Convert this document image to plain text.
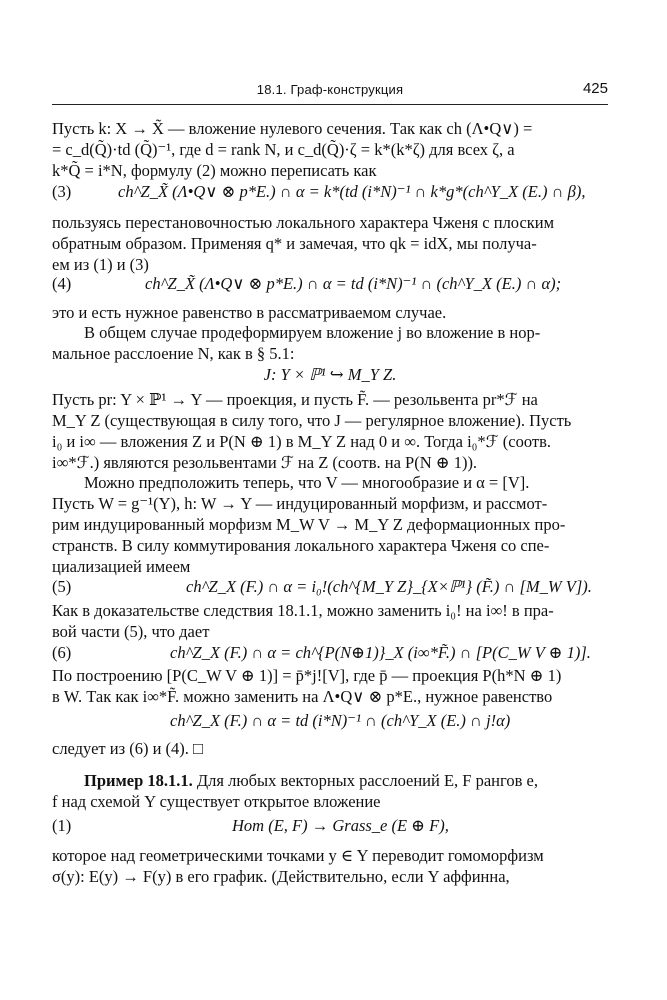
18.1. Граф-конструкция	425
Пусть k: X → X̃ — вложение нулевого сечения. Так как ch (Λ•Q∨) =
= c_d(Q̃)·td (Q̃)⁻¹, где d = rank N, и c_d(Q̃)·ζ = k*(k*ζ) для всех ζ, а
k*Q̃ = i*N, формулу (2) можно переписать как
(3)	ch^Z_X̃ (Λ•Q∨ ⊗ p*E.) ∩ α = k*(td (i*N)⁻¹ ∩ k*g*(ch^Y_X (E.) ∩ β),
пользуясь перестановочностью локального характера Чженя с плоским
обратным образом. Применяя q* и замечая, что qk = idX, мы получа-
ем из (1) и (3)
(4)	ch^Z_X̃ (Λ•Q∨ ⊗ p*E.) ∩ α = td (i*N)⁻¹ ∩ (ch^Y_X (E.) ∩ α);
это и есть нужное равенство в рассматриваемом случае.
В общем случае продеформируем вложение j во вложение в нор-
мальное расслоение N, как в § 5.1:
J: Y × ℙ¹ ↪ M_Y Z.
Пусть pr: Y × ℙ¹ → Y — проекция, и пусть F̃. — резольвента pr*ℱ на
M_Y Z (существующая в силу того, что J — регулярное вложение). Пусть
i₀ и i∞ — вложения Z и P(N ⊕ 1) в M_Y Z над 0 и ∞. Тогда i₀*ℱ (соотв.
i∞*ℱ.) являются резольвентами ℱ на Z (соотв. на P(N ⊕ 1)).
Можно предположить теперь, что V — многообразие и α = [V].
Пусть W = g⁻¹(Y), h: W → Y — индуцированный морфизм, и рассмот-
рим индуцированный морфизм M_W V → M_Y Z деформационных про-
странств. В силу коммутирования локального характера Чженя со спе-
циализацией имеем
(5)	ch^Z_X (F.) ∩ α = i₀!(ch^{M_Y Z}_{X×ℙ¹} (F̃.) ∩ [M_W V]).
Как в доказательстве следствия 18.1.1, можно заменить i₀! на i∞! в пра-
вой части (5), что дает
(6)	ch^Z_X (F.) ∩ α = ch^{P(N⊕1)}_X (i∞*F̃.) ∩ [P(C_W V ⊕ 1)].
По построению [P(C_W V ⊕ 1)] = p̄*j![V], где p̄ — проекция P(h*N ⊕ 1)
в W. Так как i∞*F̃. можно заменить на Λ•Q∨ ⊗ p*E., нужное равенство
ch^Z_X (F.) ∩ α = td (i*N)⁻¹ ∩ (ch^Y_X (E.) ∩ j!α)
следует из (6) и (4). □
Пример 18.1.1. Для любых векторных расслоений E, F рангов e,
f над схемой Y существует открытое вложение
(1)	Hom (E, F) → Grass_e (E ⊕ F),
которое над геометрическими точками y ∈ Y переводит гомоморфизм
σ(y): E(y) → F(y) в его график. (Действительно, если Y аффинна,
